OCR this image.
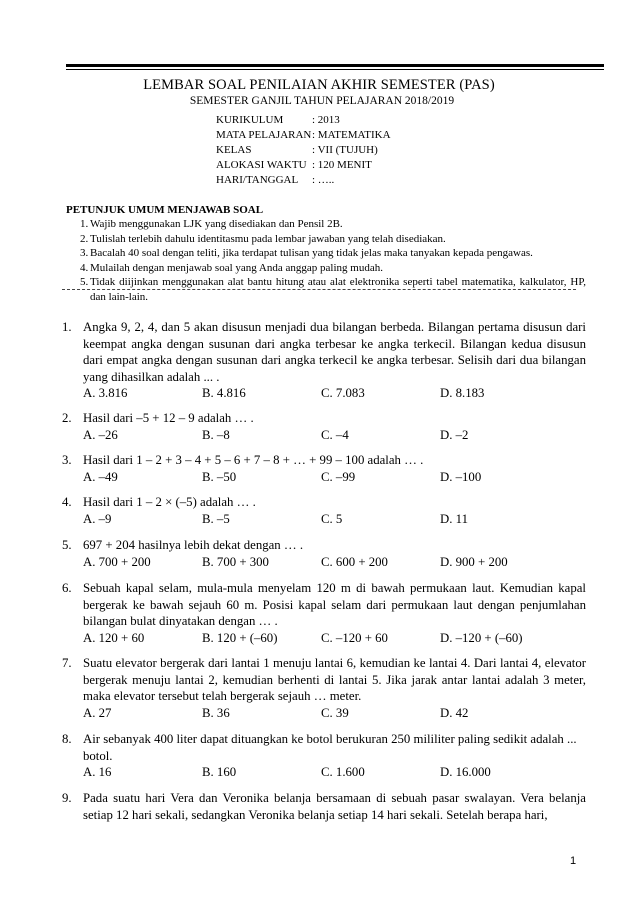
LEMBAR SOAL PENILAIAN AKHIR SEMESTER (PAS)
SEMESTER GANJIL TAHUN PELAJARAN 2018/2019
KURIKULUM	: 2013
MATA PELAJARAN: MATEMATIKA
KELAS	: VII (TUJUH)
ALOKASI WAKTU : 120 MENIT
HARI/TANGGAL : …..
PETUNJUK UMUM MENJAWAB SOAL
1. Wajib menggunakan LJK yang disediakan dan Pensil 2B.
2. Tulislah terlebih dahulu identitasmu pada lembar jawaban yang telah disediakan.
3. Bacalah 40 soal dengan teliti, jika terdapat tulisan yang tidak jelas maka tanyakan kepada pengawas.
4. Mulailah dengan menjawab soal yang Anda anggap paling mudah.
5. Tidak diijinkan menggunakan alat bantu hitung atau alat elektronika seperti tabel matematika, kalkulator, HP, dan lain-lain.
1. Angka 9, 2, 4, dan 5 akan disusun menjadi dua bilangan berbeda. Bilangan pertama disusun dari keempat angka dengan susunan dari angka terbesar ke angka terkecil. Bilangan kedua disusun dari empat angka dengan susunan dari angka terkecil ke angka terbesar. Selisih dari dua bilangan yang dihasilkan adalah ... .
A. 3.816	B. 4.816	C. 7.083	D. 8.183
2. Hasil dari –5 + 12 – 9 adalah … .
A. –26	B. –8	C. –4	D. –2
3. Hasil dari 1 – 2 + 3 – 4 + 5 – 6 + 7 – 8 + … + 99 – 100 adalah … .
A. –49	B. –50	C. –99	D. –100
4. Hasil dari 1 – 2 × (–5) adalah … .
A. –9	B. –5	C. 5	D. 11
5. 697 + 204 hasilnya lebih dekat dengan … .
A. 700 + 200	B. 700 + 300	C. 600 + 200	D. 900 + 200
6. Sebuah kapal selam, mula-mula menyelam 120 m di bawah permukaan laut. Kemudian kapal bergerak ke bawah sejauh 60 m. Posisi kapal selam dari permukaan laut dengan penjumlahan bilangan bulat dinyatakan dengan … .
A. 120 + 60	B. 120 + (–60)	C. –120 + 60	D. –120 + (–60)
7. Suatu elevator bergerak dari lantai 1 menuju lantai 6, kemudian ke lantai 4. Dari lantai 4, elevator bergerak menuju lantai 2, kemudian berhenti di lantai 5. Jika jarak antar lantai adalah 3 meter, maka elevator tersebut telah bergerak sejauh … meter.
A. 27	B. 36	C. 39	D. 42
8. Air sebanyak 400 liter dapat dituangkan ke botol berukuran 250 mililiter paling sedikit adalah ... botol.
A. 16	B. 160	C. 1.600	D. 16.000
9. Pada suatu hari Vera dan Veronika belanja bersamaan di sebuah pasar swalayan. Vera belanja setiap 12 hari sekali, sedangkan Veronika belanja setiap 14 hari sekali. Setelah berapa hari,
1
